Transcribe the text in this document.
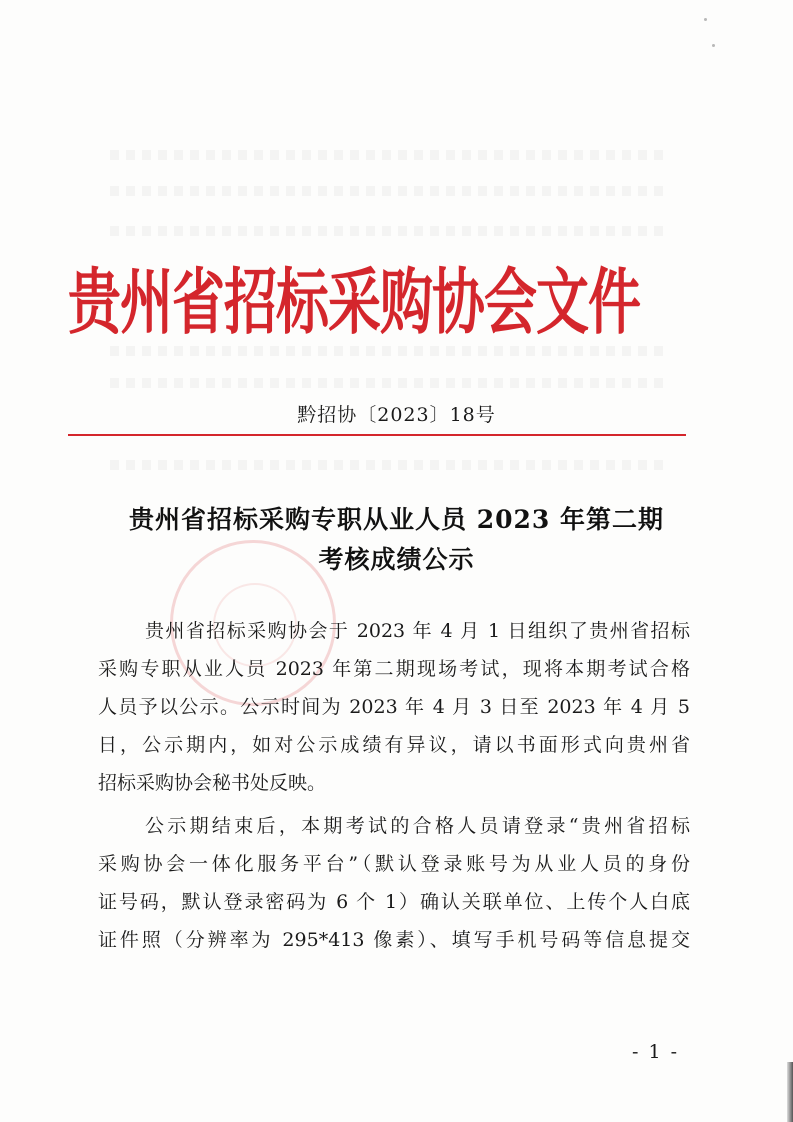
贵州省招标采购协会文件
黔招协〔2023〕18号
贵州省招标采购专职从业人员 2023 年第二期
考核成绩公示
贵州省招标采购协会于 2023 年 4 月 1 日组织了贵州省招标
采购专职从业人员 2023 年第二期现场考试，现将本期考试合格
人员予以公示。公示时间为 2023 年 4 月 3 日至 2023 年 4 月 5
日，公示期内，如对公示成绩有异议，请以书面形式向贵州省
招标采购协会秘书处反映。
公示期结束后，本期考试的合格人员请登录“贵州省招标
采购协会一体化服务平台”（默认登录账号为从业人员的身份
证号码，默认登录密码为 6 个 1）确认关联单位、上传个人白底
证件照（分辨率为 295*413 像素）、填写手机号码等信息提交
- 1 -
